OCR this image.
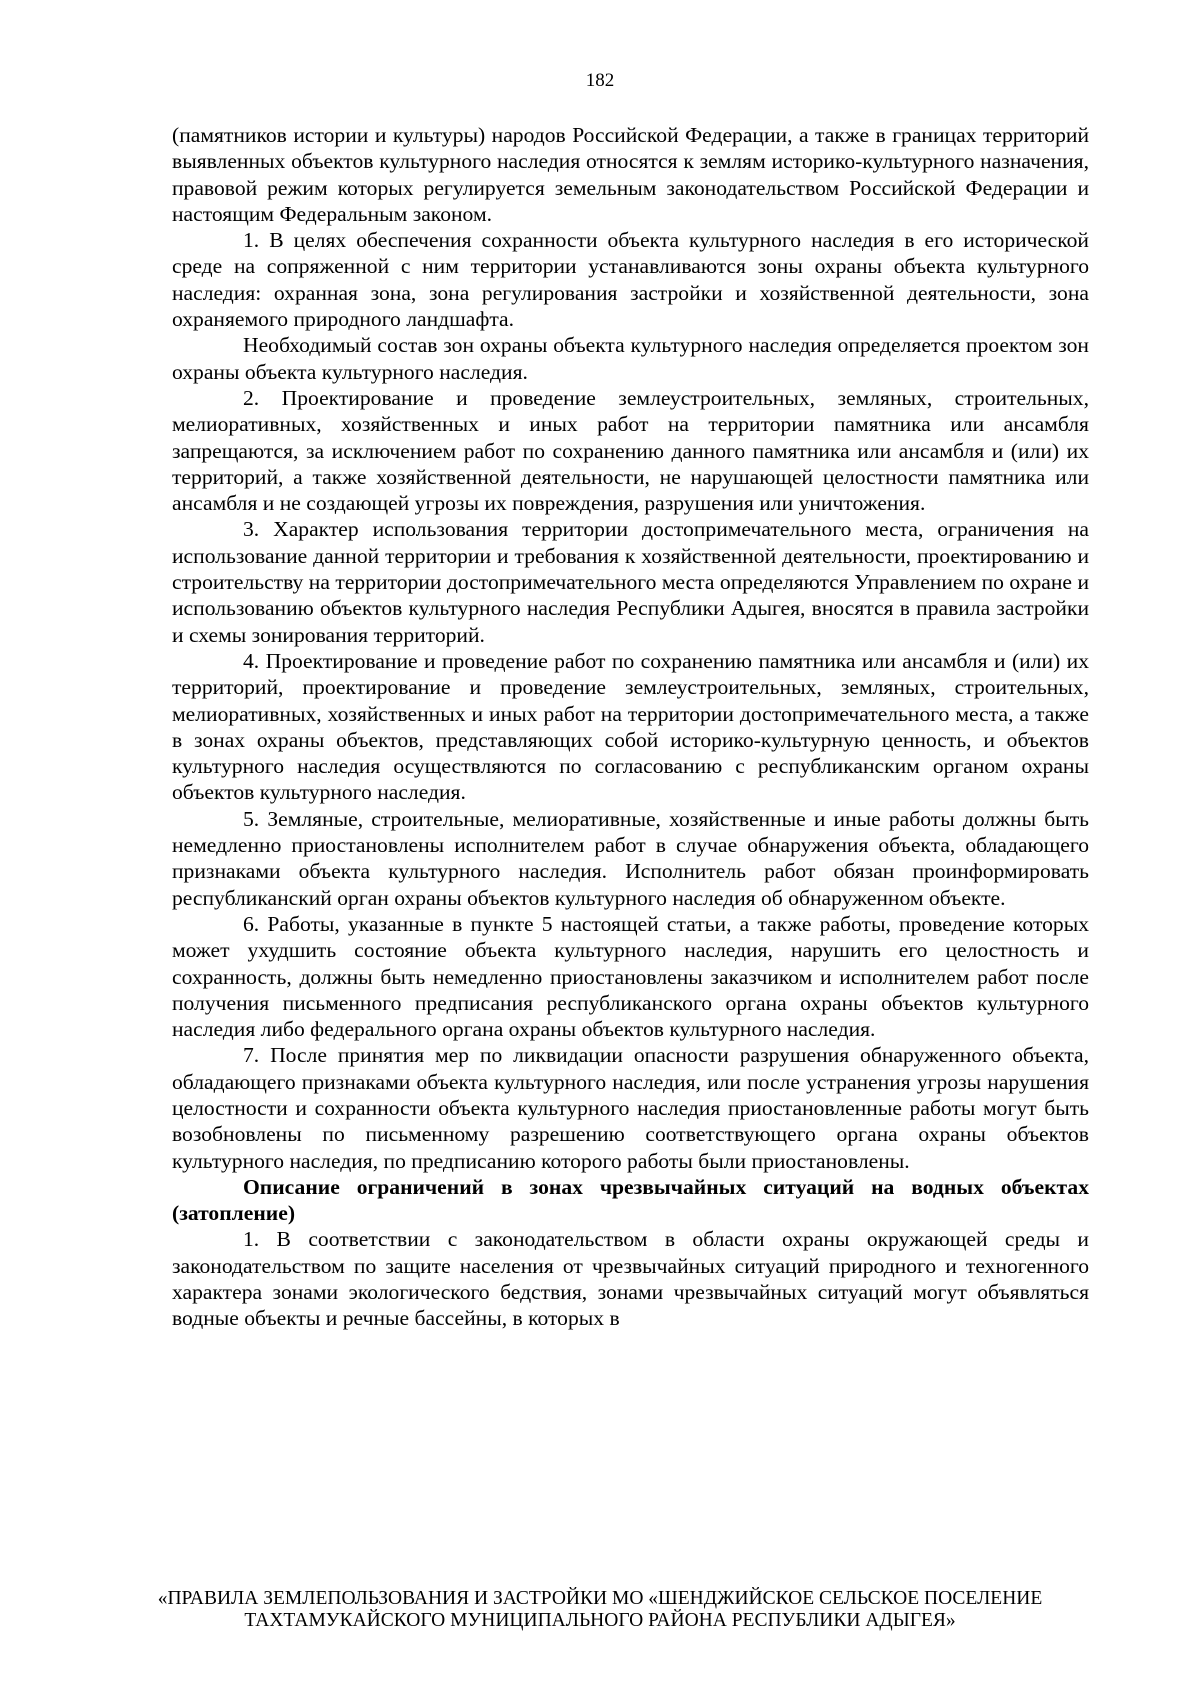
182

(памятников истории и культуры) народов Российской Федерации, а также в границах территорий выявленных объектов культурного наследия относятся к землям историко-культурного назначения, правовой режим которых регулируется земельным законодательством Российской Федерации и настоящим Федеральным законом.

1. В целях обеспечения сохранности объекта культурного наследия в его исторической среде на сопряженной с ним территории устанавливаются зоны охраны объекта культурного наследия: охранная зона, зона регулирования застройки и хозяйственной деятельности, зона охраняемого природного ландшафта.

Необходимый состав зон охраны объекта культурного наследия определяется проектом зон охраны объекта культурного наследия.

2. Проектирование и проведение землеустроительных, земляных, строительных, мелиоративных, хозяйственных и иных работ на территории памятника или ансамбля запрещаются, за исключением работ по сохранению данного памятника или ансамбля и (или) их территорий, а также хозяйственной деятельности, не нарушающей целостности памятника или ансамбля и не создающей угрозы их повреждения, разрушения или уничтожения.

3. Характер использования территории достопримечательного места, ограничения на использование данной территории и требования к хозяйственной деятельности, проектированию и строительству на территории достопримечательного места определяются Управлением по охране и использованию объектов культурного наследия Республики Адыгея, вносятся в правила застройки и схемы зонирования территорий.

4. Проектирование и проведение работ по сохранению памятника или ансамбля и (или) их территорий, проектирование и проведение землеустроительных, земляных, строительных, мелиоративных, хозяйственных и иных работ на территории достопримечательного места, а также в зонах охраны объектов, представляющих собой историко-культурную ценность, и объектов культурного наследия осуществляются по согласованию с республиканским органом охраны объектов культурного наследия.

5. Земляные, строительные, мелиоративные, хозяйственные и иные работы должны быть немедленно приостановлены исполнителем работ в случае обнаружения объекта, обладающего признаками объекта культурного наследия. Исполнитель работ обязан проинформировать республиканский орган охраны объектов культурного наследия об обнаруженном объекте.

6. Работы, указанные в пункте 5 настоящей статьи, а также работы, проведение которых может ухудшить состояние объекта культурного наследия, нарушить его целостность и сохранность, должны быть немедленно приостановлены заказчиком и исполнителем работ после получения письменного предписания республиканского органа охраны объектов культурного наследия либо федерального органа охраны объектов культурного наследия.

7. После принятия мер по ликвидации опасности разрушения обнаруженного объекта, обладающего признаками объекта культурного наследия, или после устранения угрозы нарушения целостности и сохранности объекта культурного наследия приостановленные работы могут быть возобновлены по письменному разрешению соответствующего органа охраны объектов культурного наследия, по предписанию которого работы были приостановлены.

Описание ограничений в зонах чрезвычайных ситуаций на водных объектах (затопление)

1. В соответствии с законодательством в области охраны окружающей среды и законодательством по защите населения от чрезвычайных ситуаций природного и техногенного характера зонами экологического бедствия, зонами чрезвычайных ситуаций могут объявляться водные объекты и речные бассейны, в которых в

«ПРАВИЛА ЗЕМЛЕПОЛЬЗОВАНИЯ И ЗАСТРОЙКИ МО «ШЕНДЖИЙСКОЕ СЕЛЬСКОЕ ПОСЕЛЕНИЕ
ТАХТАМУКАЙСКОГО МУНИЦИПАЛЬНОГО РАЙОНА РЕСПУБЛИКИ АДЫГЕЯ»
